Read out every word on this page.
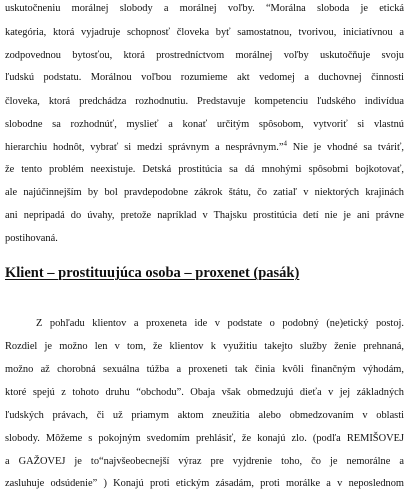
uskutočneniu morálnej slobody a morálnej voľby. “Morálna sloboda je etická
kategória, ktorá vyjadruje schopnosť človeka byť samostatnou, tvorivou, iniciatívnou a
zodpovednou bytosťou, ktorá prostredníctvom morálnej voľby uskutočňuje svoju
ľudskú podstatu. Morálnou voľbou rozumieme akt vedomej a duchovnej činnosti
človeka, ktorá predchádza rozhodnutiu. Predstavuje kompetenciu ľudského indivídua
slobodne sa rozhodnúť, myslieť a konať určitým spôsobom, vytvoriť si vlastnú
hierarchiu hodnôt, vybrať si medzi správnym a nesprávnym.”$^4$ Nie je vhodné sa tváriť,
že tento problém neexistuje. Detská prostitúcia sa dá mnohými spôsobmi bojkotovať,
ale najúčinnejším by bol pravdepodobne zákrok štátu, čo zatiaľ v niektorých krajinách
ani nepripadá do úvahy, pretože napríklad v Thajsku prostitúcia detí nie je ani právne
postihovaná.
Klient – prostituujúca osoba – proxenet (pasák)
Z pohľadu klientov a proxeneta ide v podstate o podobný (ne)etický postoj.
Rozdiel je možno len v tom, že klientov k využitiu takejto služby ženie prehnaná,
možno až chorobná sexuálna túžba a proxeneti tak činia kvôli finančným výhodám,
ktoré spejú z tohoto druhu “obchodu”. Obaja však obmedzujú dieťa v jej základných
ľudských právach, či už priamym aktom zneužitia alebo obmedzovaním v oblasti
slobody. Môžeme s pokojným svedomím prehlásiť, že konajú zlo. (podľa REMIŠOVEJ
a GAŽOVEJ je to“najvšeobecnejší výraz pre vyjdrenie toho, čo je nemorálne a
zasluhuje odsúdenie” ) Konajú proti etickým zásadám, proti morálke a v neposlednom
